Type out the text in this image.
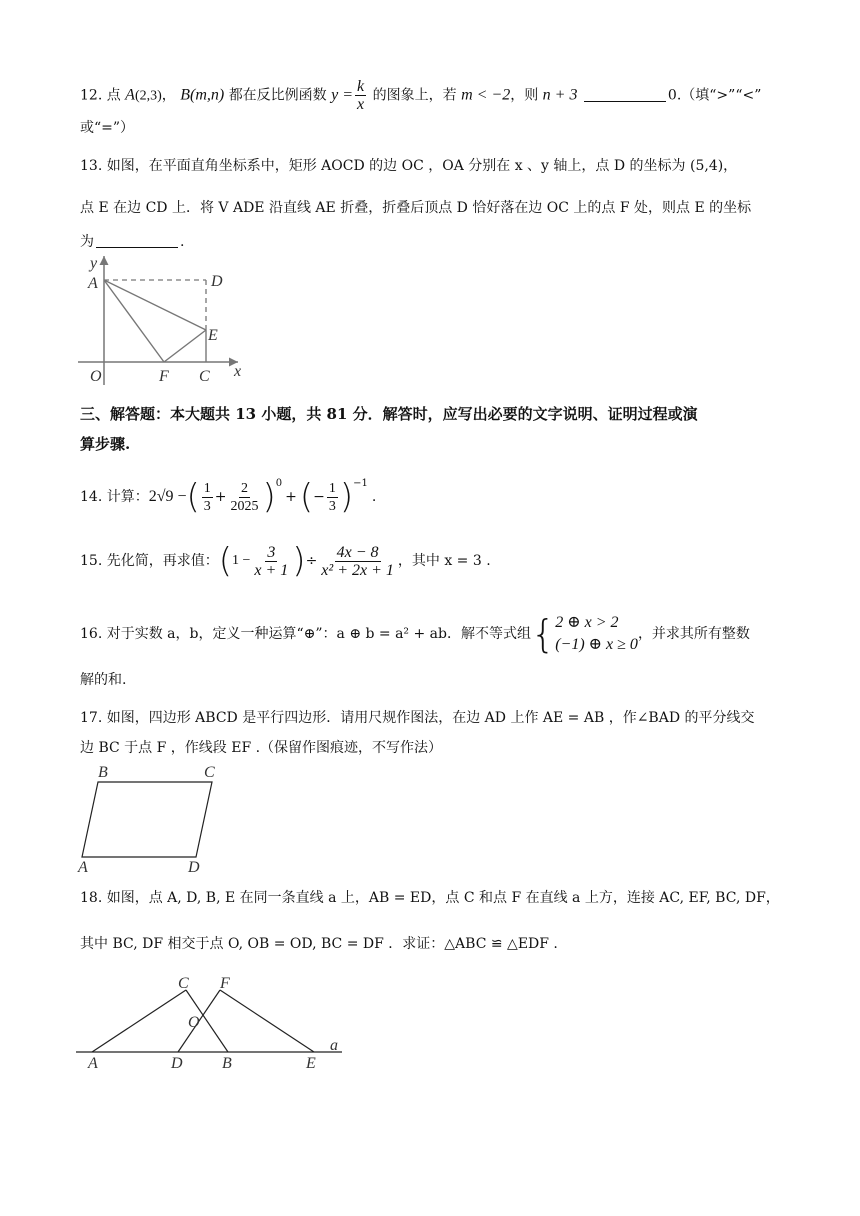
12. 点 A(2,3)， B(m,n) 都在反比例函数 $y = \frac{k}{x}$ 的图象上，若 m < −2，则 n + 3	0.（填“>”“<”
或“=”）
13. 如图，在平面直角坐标系中，矩形 AOCD 的边 OC ，OA 分别在 x 、y 轴上，点 D 的坐标为 (5,4)，
点 E 在边 CD 上．将 V ADE 沿直线 AE 折叠，折叠后顶点 D 恰好落在边 OC 上的点 F 处，则点 E 的坐标
为	.
y
A	D
E
O	F C x
三、解答题：本大题共 13 小题，共 81 分．解答时，应写出必要的文字说明、证明过程或演
算步骤.
14. 计算： 2√9 − ( $\frac{1}{3} + \frac{2}{2025} )^0$
+ ( − $\frac{1}{3} )^{-1}$
.
15. 先化简，再求值： ( $1 - \frac{3}{x + 1}$ ) ÷ $\frac{4x - 8}{\text{x² + 2x + 1}}$ ，其中 x = 3 .
16. 对于实数 a，b，定义一种运算“⊕”：a ⊕ b = a² + ab．解不等式组 { 2 ⊕ x > 2
(−1) ⊕ x ≥ 0
，并求其所有整数
解的和.
17. 如图，四边形 ABCD 是平行四边形．请用尺规作图法，在边 AD 上作 AE = AB ，作∠BAD 的平分线交
边 BC 于点 F ，作线段 EF .（保留作图痕迹，不写作法）
B	C
A	D
18. 如图，点 A, D, B, E 在同一条直线 a 上，AB = ED，点 C 和点 F 在直线 a 上方，连接 AC, EF, BC, DF，
其中 BC, DF 相交于点 O, OB = OD, BC = DF ．求证：△ABC ≌ △EDF .
C F
O
A	D B	E
a
